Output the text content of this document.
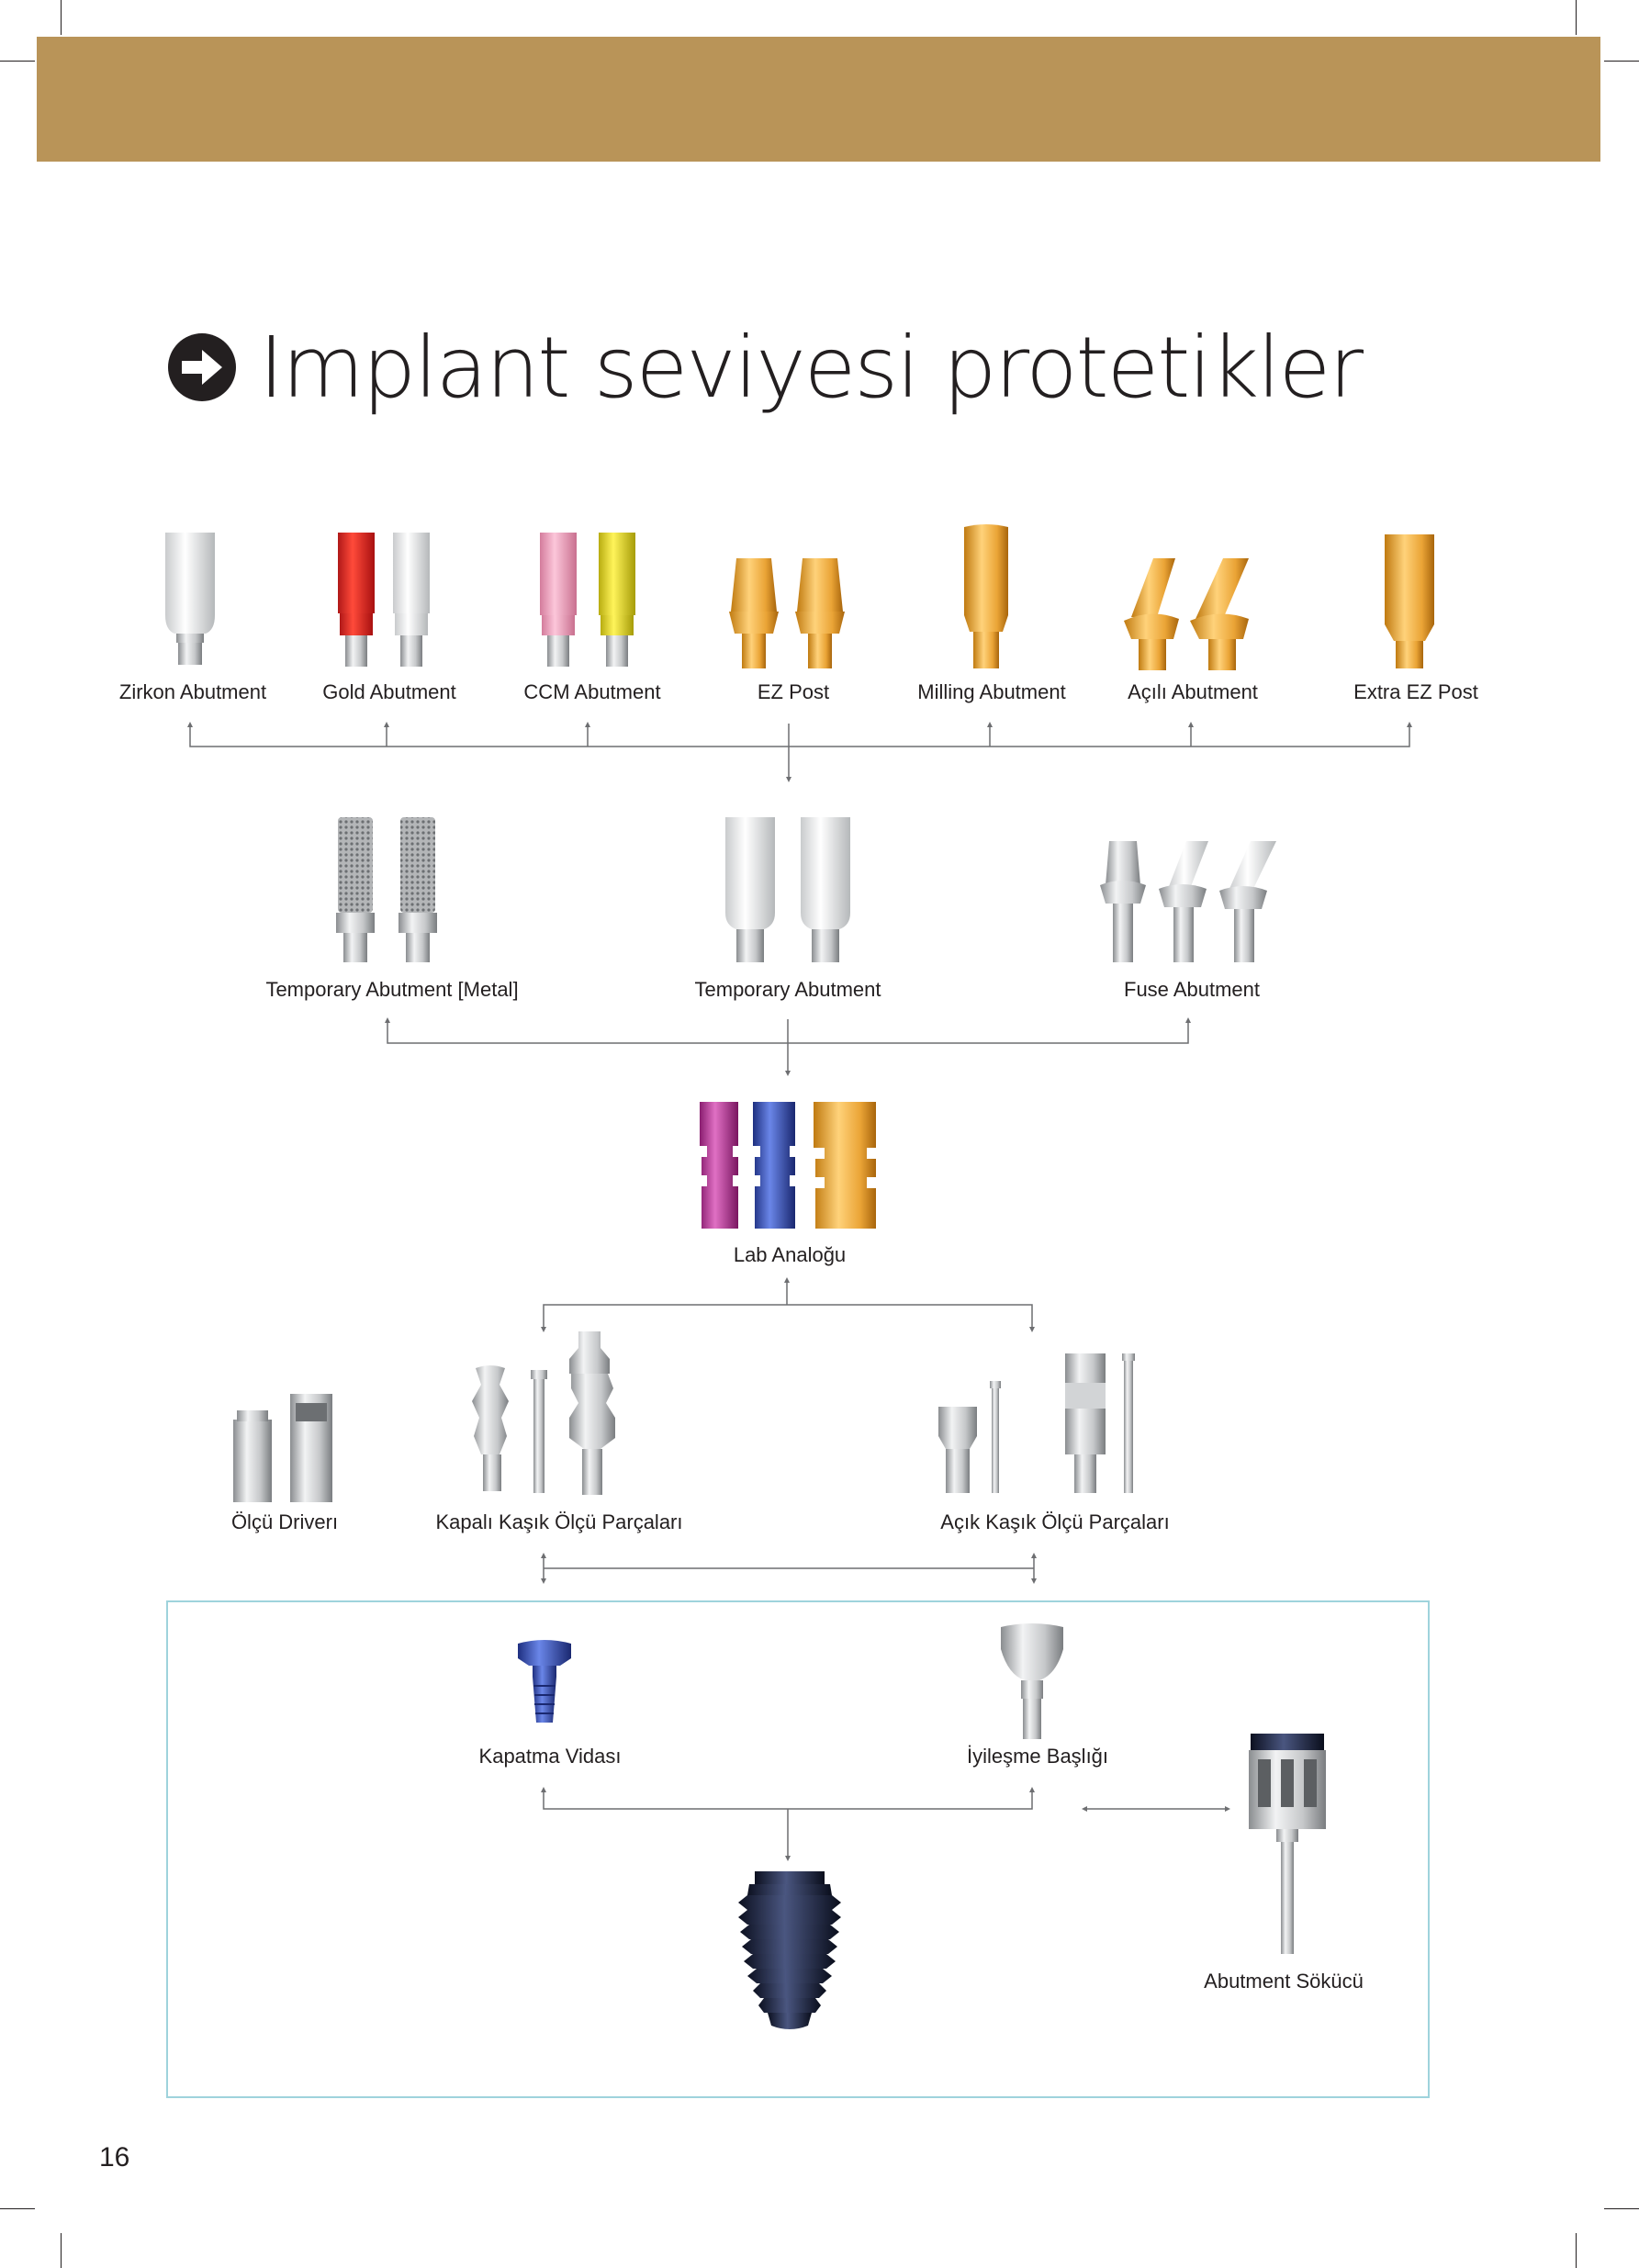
Implant seviyesi protetikler
Zirkon Abutment	Gold Abutment	CCM Abutment	EZ Post	Milling Abutment	Açılı Abutment	Extra EZ Post
Temporary Abutment [Metal]	Temporary Abutment	Fuse Abutment
Lab Analoğu
Ölçü Driverı	Kapalı Kaşık Ölçü Parçaları	Açık Kaşık Ölçü Parçaları
Kapatma Vidası	İyileşme Başlığı
Abutment Sökücü
16
